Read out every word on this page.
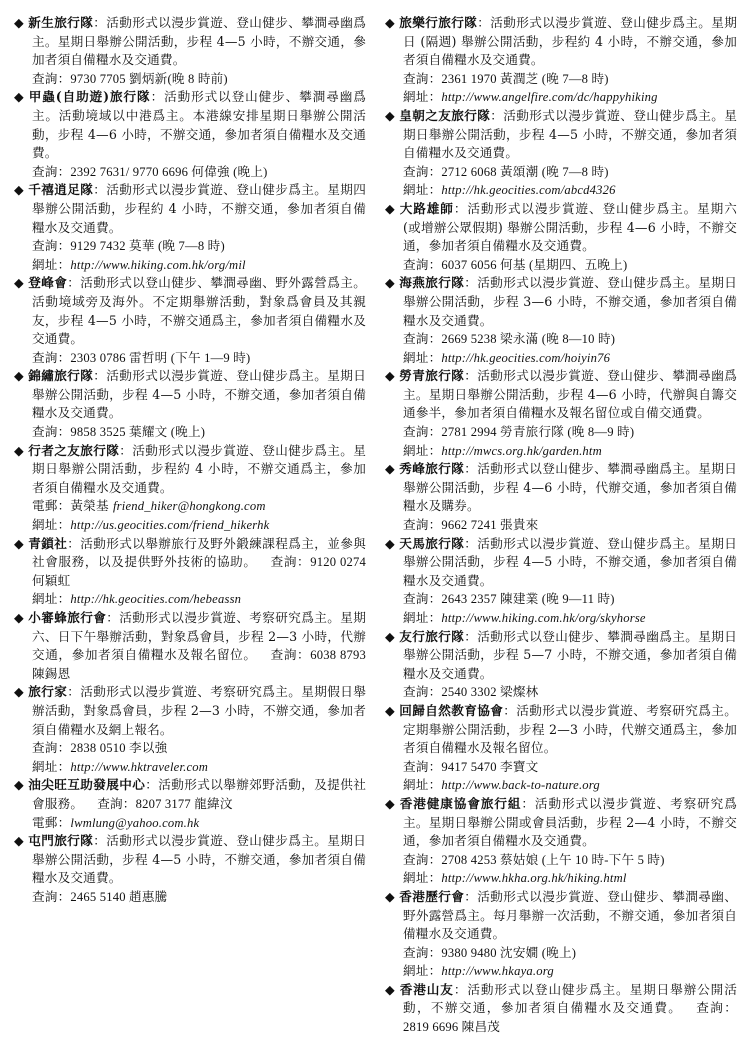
◆ 新生旅行隊：活動形式以漫步賞遊、登山健步、攀澗尋幽爲主。星期日舉辦公開活動，步程 4—5 小時，不辦交通，參加者須自備糧水及交通費。
查詢：9730 7705 劉炳新(晚 8 時前)
◆ 甲蟲(自助遊)旅行隊：活動形式以登山健步、攀澗尋幽爲主。活動境域以中港爲主。本港線安排星期日舉辦公開活動，步程 4—6 小時，不辦交通，參加者須自備糧水及交通費。
查詢：2392 7631/ 9770 6696 何偉強 (晚上)
◆ 千禧逍足隊：活動形式以漫步賞遊、登山健步爲主。星期四舉辦公開活動，步程約 4 小時，不辦交通，參加者須自備糧水及交通費。
查詢：9129 7432 莫華 (晚 7—8 時)
網址：http://www.hiking.com.hk/org/mil
◆ 登峰會：活動形式以登山健步、攀澗尋幽、野外露營爲主。活動境域旁及海外。不定期舉辦活動，對象爲會員及其親友，步程 4—5 小時，不辦交通爲主，參加者須自備糧水及交通費。
查詢：2303 0786 雷哲明 (下午 1—9 時)
◆ 錦繡旅行隊：活動形式以漫步賞遊、登山健步爲主。星期日舉辦公開活動，步程 4—5 小時，不辦交通，參加者須自備糧水及交通費。
查詢：9858 3525 葉耀文 (晚上)
◆ 行者之友旅行隊：活動形式以漫步賞遊、登山健步爲主。星期日舉辦公開活動，步程約 4 小時，不辦交通爲主，參加者須自備糧水及交通費。
電郵：黃榮基 friend_hiker@hongkong.com
網址：http://us.geocities.com/friend_hikerhk
◆ 青鎖社：活動形式以舉辦旅行及野外鍛練課程爲主，並參與社會服務，以及提供野外技術的協助。 查詢：9120 0274 何穎虹
網址：http://hk.geocities.com/hebeassn
◆ 小審蜂旅行會：活動形式以漫步賞遊、考察研究爲主。星期六、日下午舉辦活動，對象爲會員，步程 2—3 小時，代辦交通，參加者須自備糧水及報名留位。 查詢：6038 8793 陳錫恩
◆ 旅行家：活動形式以漫步賞遊、考察研究爲主。星期假日舉辦活動，對象爲會員，步程 2—3 小時，不辦交通，參加者須自備糧水及網上報名。
查詢：2838 0510 李以強
網址：http://www.hktraveler.com
◆ 油尖旺互助發展中心：活動形式以舉辦郊野活動，及提供社會服務。 查詢：8207 3177 龍緯汶
電郵：lwmlung@yahoo.com.hk
◆ 屯門旅行隊：活動形式以漫步賞遊、登山健步爲主。星期日舉辦公開活動，步程 4—5 小時，不辦交通，參加者須自備糧水及交通費。
查詢：2465 5140 趙惠騰
◆ 旅樂行旅行隊：活動形式以漫步賞遊、登山健步爲主。星期日 (隔週) 舉辦公開活動，步程約 4 小時，不辦交通，參加者須自備糧水及交通費。
查詢：2361 1970 黃潤芝 (晚 7—8 時)
網址：http://www.angelfire.com/dc/happyhiking
◆ 皇朝之友旅行隊：活動形式以漫步賞遊、登山健步爲主。星期日舉辦公開活動，步程 4—5 小時，不辦交通，參加者須自備糧水及交通費。
查詢：2712 6068 黃頌潮 (晚 7—8 時)
網址：http://hk.geocities.com/abcd4326
◆ 大路雄師：活動形式以漫步賞遊、登山健步爲主。星期六 (或增辦公眾假期) 舉辦公開活動，步程 4—6 小時，不辦交通，參加者須自備糧水及交通費。
查詢：6037 6056 何基 (星期四、五晚上)
◆ 海燕旅行隊：活動形式以漫步賞遊、登山健步爲主。星期日舉辦公開活動，步程 3—6 小時，不辦交通，參加者須自備糧水及交通費。
查詢：2669 5238 梁永滿 (晚 8—10 時)
網址：http://hk.geocities.com/hoiyin76
◆ 勞青旅行隊：活動形式以漫步賞遊、登山健步、攀澗尋幽爲主。星期日舉辦公開活動，步程 4—6 小時，代辦與自籌交通參半，參加者須自備糧水及報名留位或自備交通費。
查詢：2781 2994 勞青旅行隊 (晚 8—9 時)
網址：http://mwcs.org.hk/garden.htm
◆ 秀峰旅行隊：活動形式以登山健步、攀澗尋幽爲主。星期日舉辦公開活動，步程 4—6 小時，代辦交通，參加者須自備糧水及購券。
查詢：9662 7241 張貴來
◆ 天馬旅行隊：活動形式以漫步賞遊、登山健步爲主。星期日舉辦公開活動，步程 4—5 小時，不辦交通，參加者須自備糧水及交通費。
查詢：2643 2357 陳建業 (晚 9—11 時)
網址：http://www.hiking.com.hk/org/skyhorse
◆ 友行旅行隊：活動形式以登山健步、攀澗尋幽爲主。星期日舉辦公開活動，步程 5—7 小時，不辦交通，參加者須自備糧水及交通費。
查詢：2540 3302 梁燦林
◆ 回歸自然教育協會：活動形式以漫步賞遊、考察研究爲主。定期舉辦公開活動，步程 2—3 小時，代辦交通爲主，參加者須自備糧水及報名留位。
查詢：9417 5470 李寶文
網址：http://www.back-to-nature.org
◆ 香港健康協會旅行組：活動形式以漫步賞遊、考察研究爲主。星期日舉辦公開或會員活動，步程 2—4 小時，不辦交通，參加者須自備糧水及交通費。
查詢：2708 4253 蔡姑娘 (上午 10 時-下午 5 時)
網址：http://www.hkha.org.hk/hiking.html
◆ 香港歷行會：活動形式以漫步賞遊、登山健步、攀澗尋幽、野外露營爲主。每月舉辦一次活動，不辦交通，參加者須自備糧水及交通費。
查詢：9380 9480 沈安嫺 (晚上)
網址：http://www.hkaya.org
◆ 香港山友：活動形式以登山健步爲主。星期日舉辦公開活動，不辦交通，參加者須自備糧水及交通費。 查詢：2819 6696 陳昌茂
